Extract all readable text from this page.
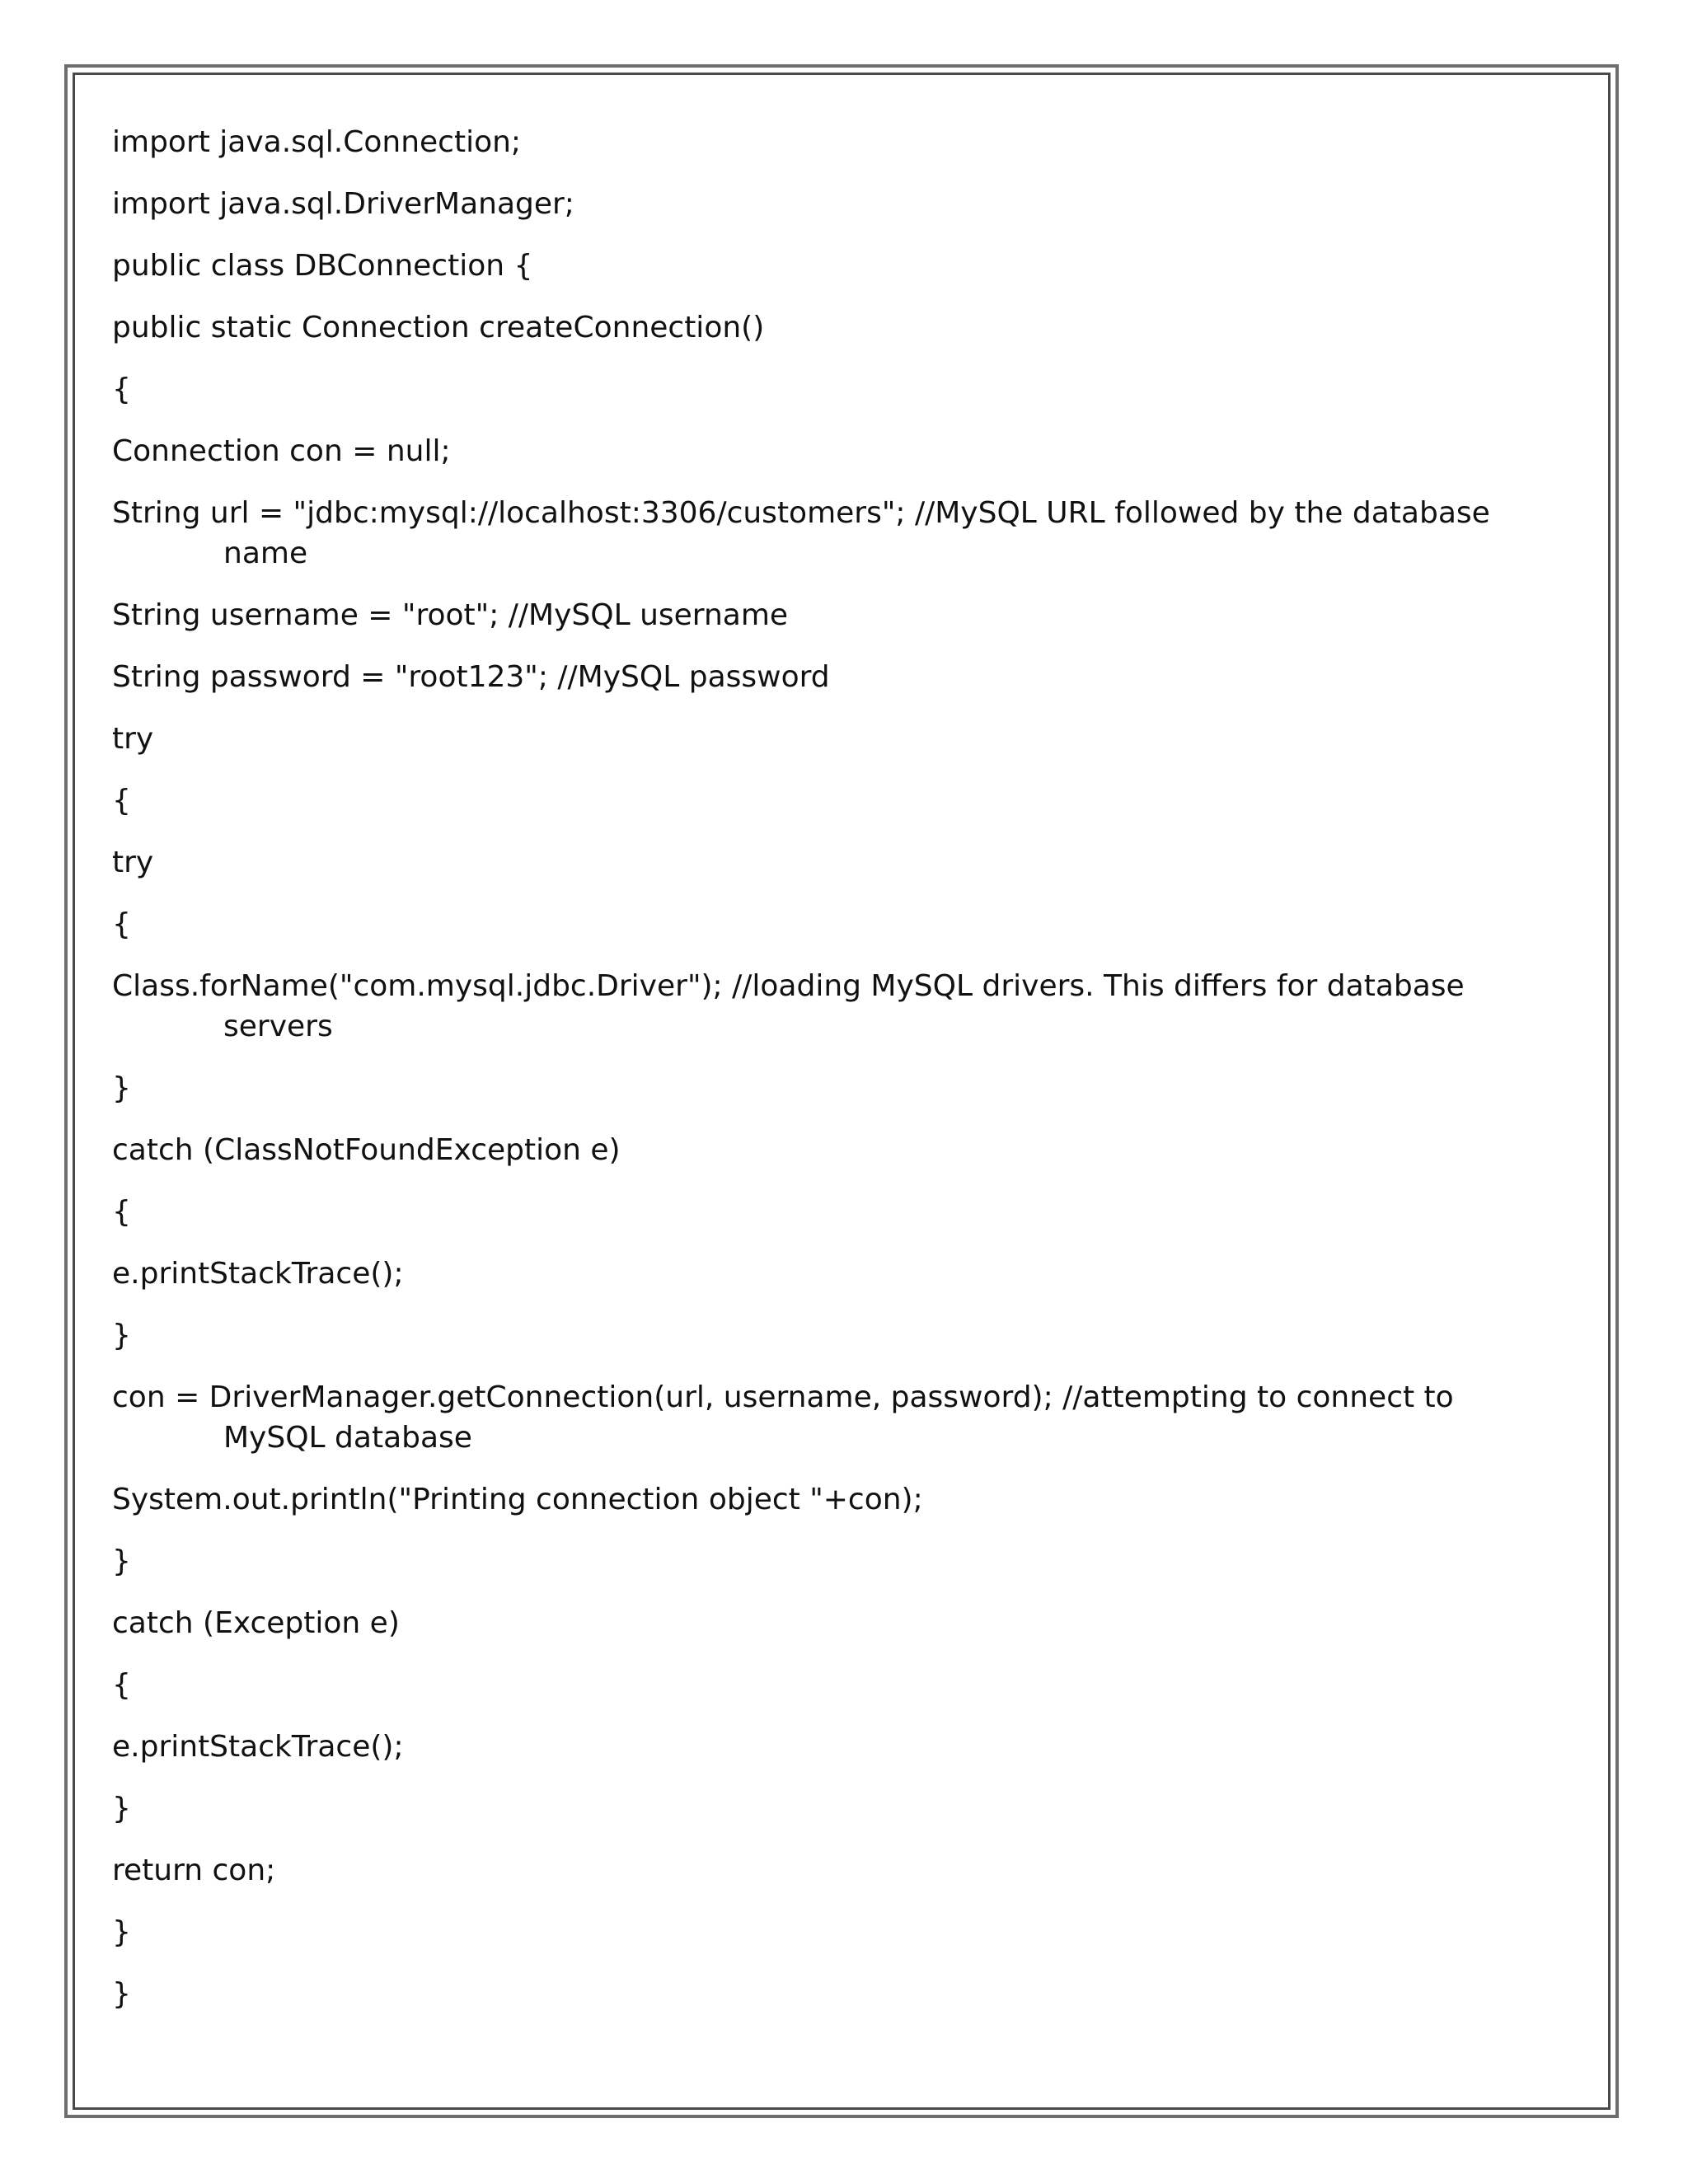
import java.sql.Connection;
import java.sql.DriverManager;
public class DBConnection {
public static Connection createConnection()
{
Connection con = null;
String url = "jdbc:mysql://localhost:3306/customers"; //MySQL URL followed by the database name
String username = "root"; //MySQL username
String password = "root123"; //MySQL password
try
{
try
{
Class.forName("com.mysql.jdbc.Driver"); //loading MySQL drivers. This differs for database servers
}
catch (ClassNotFoundException e)
{
e.printStackTrace();
}
con = DriverManager.getConnection(url, username, password); //attempting to connect to MySQL database
System.out.println("Printing connection object "+con);
}
catch (Exception e)
{
e.printStackTrace();
}
return con;
}
}
